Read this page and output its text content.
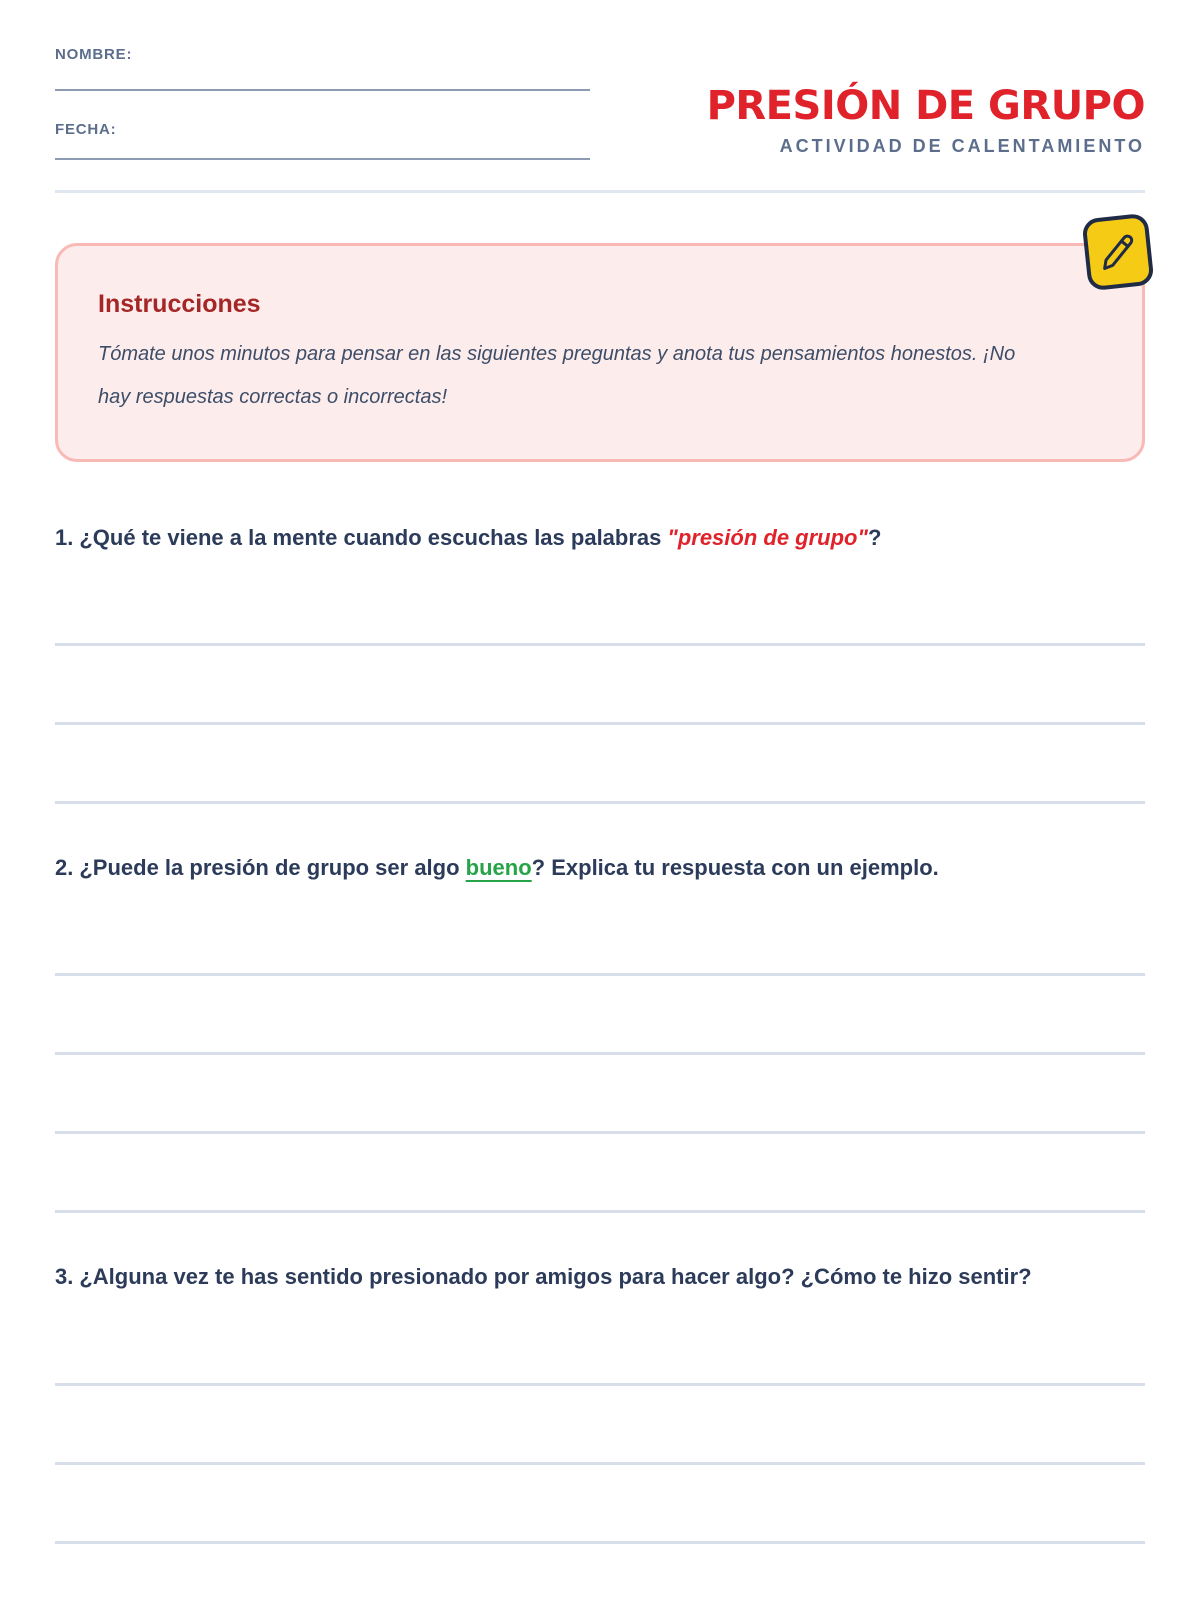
NOMBRE:
FECHA:
PRESIÓN DE GRUPO
ACTIVIDAD DE CALENTAMIENTO
Instrucciones
Tómate unos minutos para pensar en las siguientes preguntas y anota tus pensamientos honestos. ¡No hay respuestas correctas o incorrectas!

1. ¿Qué te viene a la mente cuando escuchas las palabras "presión de grupo"?

2. ¿Puede la presión de grupo ser algo bueno? Explica tu respuesta con un ejemplo.

3. ¿Alguna vez te has sentido presionado por amigos para hacer algo? ¿Cómo te hizo sentir?
